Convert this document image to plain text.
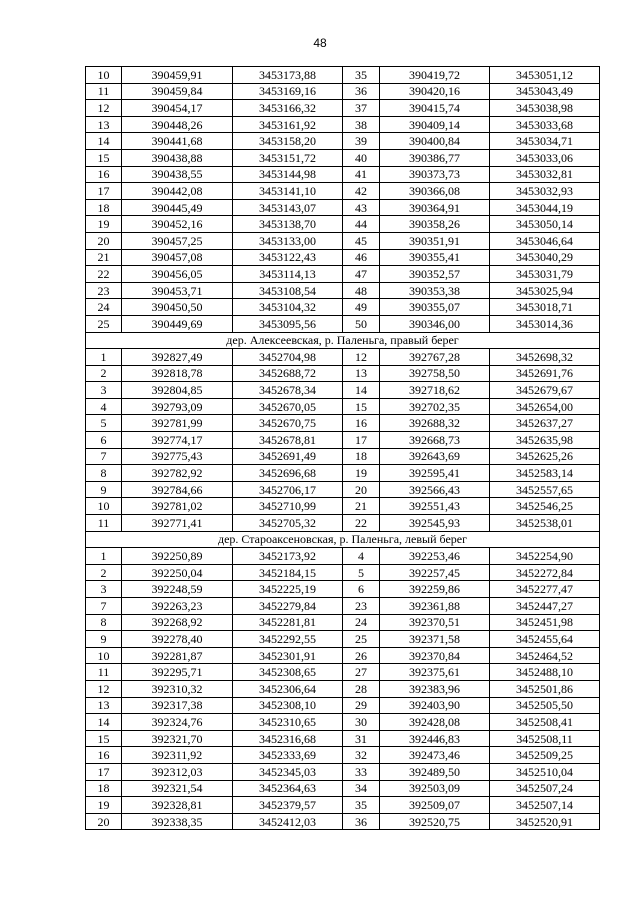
48
10	390459,91	3453173,88	35	390419,72	3453051,12
11	390459,84	3453169,16	36	390420,16	3453043,49
12	390454,17	3453166,32	37	390415,74	3453038,98
13	390448,26	3453161,92	38	390409,14	3453033,68
14	390441,68	3453158,20	39	390400,84	3453034,71
15	390438,88	3453151,72	40	390386,77	3453033,06
16	390438,55	3453144,98	41	390373,73	3453032,81
17	390442,08	3453141,10	42	390366,08	3453032,93
18	390445,49	3453143,07	43	390364,91	3453044,19
19	390452,16	3453138,70	44	390358,26	3453050,14
20	390457,25	3453133,00	45	390351,91	3453046,64
21	390457,08	3453122,43	46	390355,41	3453040,29
22	390456,05	3453114,13	47	390352,57	3453031,79
23	390453,71	3453108,54	48	390353,38	3453025,94
24	390450,50	3453104,32	49	390355,07	3453018,71
25	390449,69	3453095,56	50	390346,00	3453014,36
дер. Алексеевская, р. Паленьга, правый берег					
1	392827,49	3452704,98	12	392767,28	3452698,32
2	392818,78	3452688,72	13	392758,50	3452691,76
3	392804,85	3452678,34	14	392718,62	3452679,67
4	392793,09	3452670,05	15	392702,35	3452654,00
5	392781,99	3452670,75	16	392688,32	3452637,27
6	392774,17	3452678,81	17	392668,73	3452635,98
7	392775,43	3452691,49	18	392643,69	3452625,26
8	392782,92	3452696,68	19	392595,41	3452583,14
9	392784,66	3452706,17	20	392566,43	3452557,65
10	392781,02	3452710,99	21	392551,43	3452546,25
11	392771,41	3452705,32	22	392545,93	3452538,01
дер. Староаксеновская, р. Паленьга, левый берег					
1	392250,89	3452173,92	4	392253,46	3452254,90
2	392250,04	3452184,15	5	392257,45	3452272,84
3	392248,59	3452225,19	6	392259,86	3452277,47
7	392263,23	3452279,84	23	392361,88	3452447,27
8	392268,92	3452281,81	24	392370,51	3452451,98
9	392278,40	3452292,55	25	392371,58	3452455,64
10	392281,87	3452301,91	26	392370,84	3452464,52
11	392295,71	3452308,65	27	392375,61	3452488,10
12	392310,32	3452306,64	28	392383,96	3452501,86
13	392317,38	3452308,10	29	392403,90	3452505,50
14	392324,76	3452310,65	30	392428,08	3452508,41
15	392321,70	3452316,68	31	392446,83	3452508,11
16	392311,92	3452333,69	32	392473,46	3452509,25
17	392312,03	3452345,03	33	392489,50	3452510,04
18	392321,54	3452364,63	34	392503,09	3452507,24
19	392328,81	3452379,57	35	392509,07	3452507,14
20	392338,35	3452412,03	36	392520,75	3452520,91
